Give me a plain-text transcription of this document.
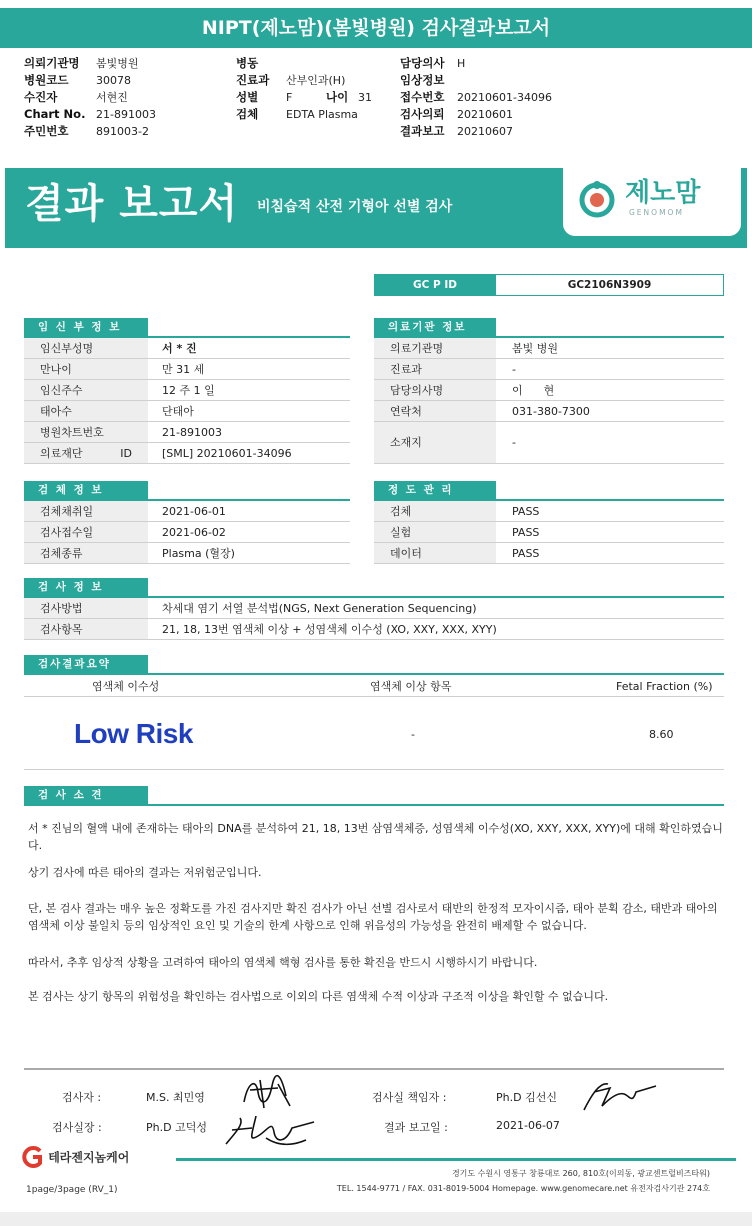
NIPT(제노맘)(봄빛병원) 검사결과보고서
의뢰기관명 봄빛병원
병원코드	30078
수진자	서현진
Chart No. 21-891003
주민번호	891003-2
병동
진료과 산부인과(H)
성별	F	나이 31
검체	EDTA Plasma
담당의사 H
임상정보
접수번호 20210601-34096
검사의뢰 20210601
결과보고 20210607
결과 보고서 비침습적 산전 기형아 선별 검사	제노맘
GENOMOM
GC P ID	GC2106N3909
임 신 부 정 보
임신부성명	서 * 진
만나이	만 31 세
임신주수	12 주 1 일
태아수	단태아
병원차트번호	21-891003
의료재단 ID	[SML] 20210601-34096
의료기관 정보
의료기관명	봄빛 병원
진료과	-
담당의사명	이      현
연락처	031-380-7300
소재지	-
검 체 정 보
검체채취일	2021-06-01
검사접수일	2021-06-02
검체종류	Plasma (혈장)
정 도 관 리
검체	PASS
실험	PASS
데이터	PASS
검 사 정 보
검사방법	차세대 염기 서열 분석법(NGS, Next Generation Sequencing)
검사항목	21, 18, 13번 염색체 이상 + 성염색체 이수성 (XO, XXY, XXX, XYY)
검사결과요약
염색체 이수성	염색체 이상 항목	Fetal Fraction (%)
Low Risk	-	8.60
검 사 소 견
서 * 진님의 혈액 내에 존재하는 태아의 DNA를 분석하여 21, 18, 13번 삼염색체증, 성염색체 이수성(XO, XXY, XXX, XYY)에 대해 확인하였습니다.
상기 검사에 따른 태아의 결과는 저위험군입니다.
단, 본 검사 결과는 매우 높은 정확도를 가진 검사지만 확진 검사가 아닌 선별 검사로서 태반의 한정적 모자이시즘, 태아 분획 감소, 태반과 태아의 염색체 이상 불일치 등의 임상적인 요인 및 기술의 한계 사항으로 인해 위음성의 가능성을 완전히 배제할 수 없습니다.
따라서, 추후 임상적 상황을 고려하여 태아의 염색체 핵형 검사를 통한 확진을 반드시 시행하시기 바랍니다.
본 검사는 상기 항목의 위험성을 확인하는 검사법으로 이외의 다른 염색체 수적 이상과 구조적 이상을 확인할 수 없습니다.
검사자 :	M.S. 최민영	검사실 책임자 :	Ph.D 김선신
검사실장 :	Ph.D 고덕성	결과 보고일 :	2021-06-07
테라젠지놈케어
경기도 수원시 영통구 창룡대로 260, 810호(이의동, 광교센트럴비즈타워)
TEL. 1544-9771 / FAX. 031-8019-5004 Homepage. www.genomecare.net 유전자검사기관 274호
1page/3page (RV_1)
